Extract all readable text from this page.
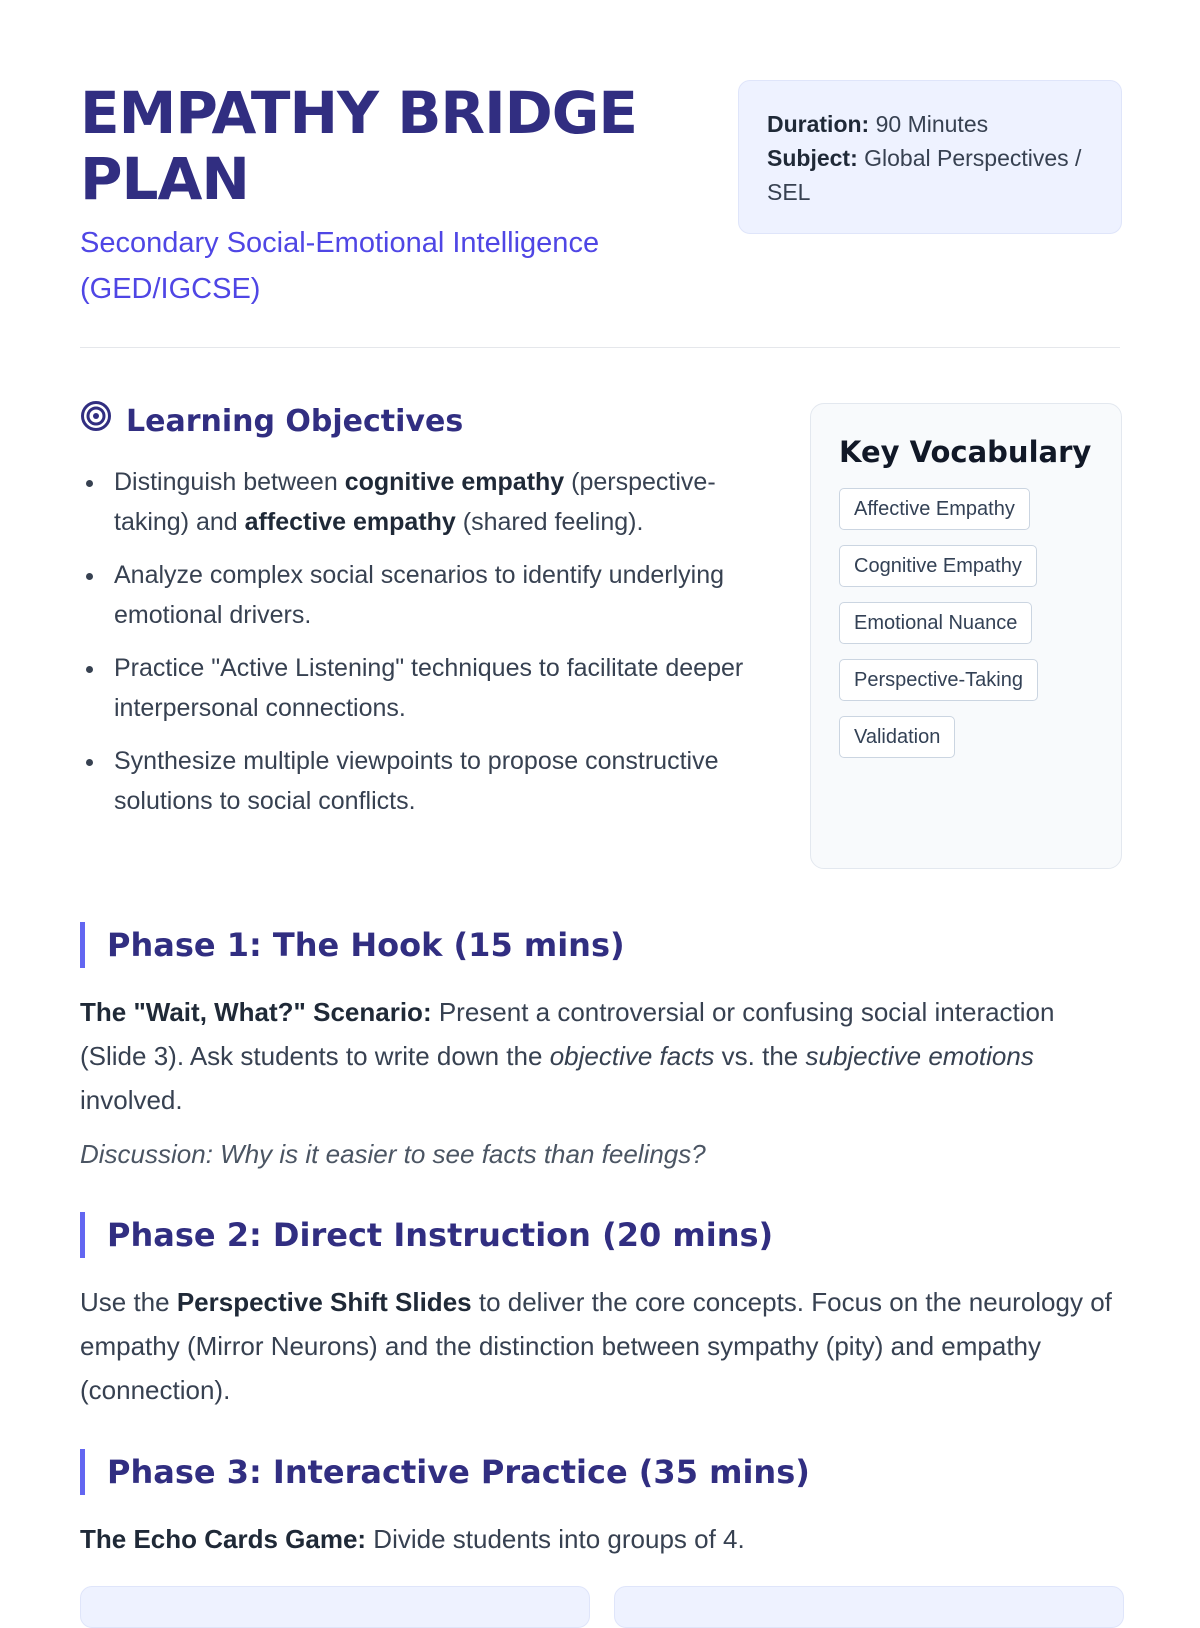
EMPATHY BRIDGE PLAN

Secondary Social-Emotional Intelligence (GED/IGCSE)

Duration: 90 Minutes
Subject: Global Perspectives / SEL
Learning Objectives
Distinguish between cognitive empathy (perspective-taking) and affective empathy (shared feeling).
Analyze complex social scenarios to identify underlying emotional drivers.
Practice "Active Listening" techniques to facilitate deeper interpersonal connections.
Synthesize multiple viewpoints to propose constructive solutions to social conflicts.
Key Vocabulary
Affective Empathy
Cognitive Empathy
Emotional Nuance
Perspective-Taking
Validation
Phase 1: The Hook (15 mins)

The "Wait, What?" Scenario: Present a controversial or confusing social interaction (Slide 3). Ask students to write down the objective facts vs. the subjective emotions involved.

Discussion: Why is it easier to see facts than feelings?

Phase 2: Direct Instruction (20 mins)

Use the Perspective Shift Slides to deliver the core concepts. Focus on the neurology of empathy (Mirror Neurons) and the distinction between sympathy (pity) and empathy (connection).

Phase 3: Interactive Practice (35 mins)

The Echo Cards Game: Divide students into groups of 4.
